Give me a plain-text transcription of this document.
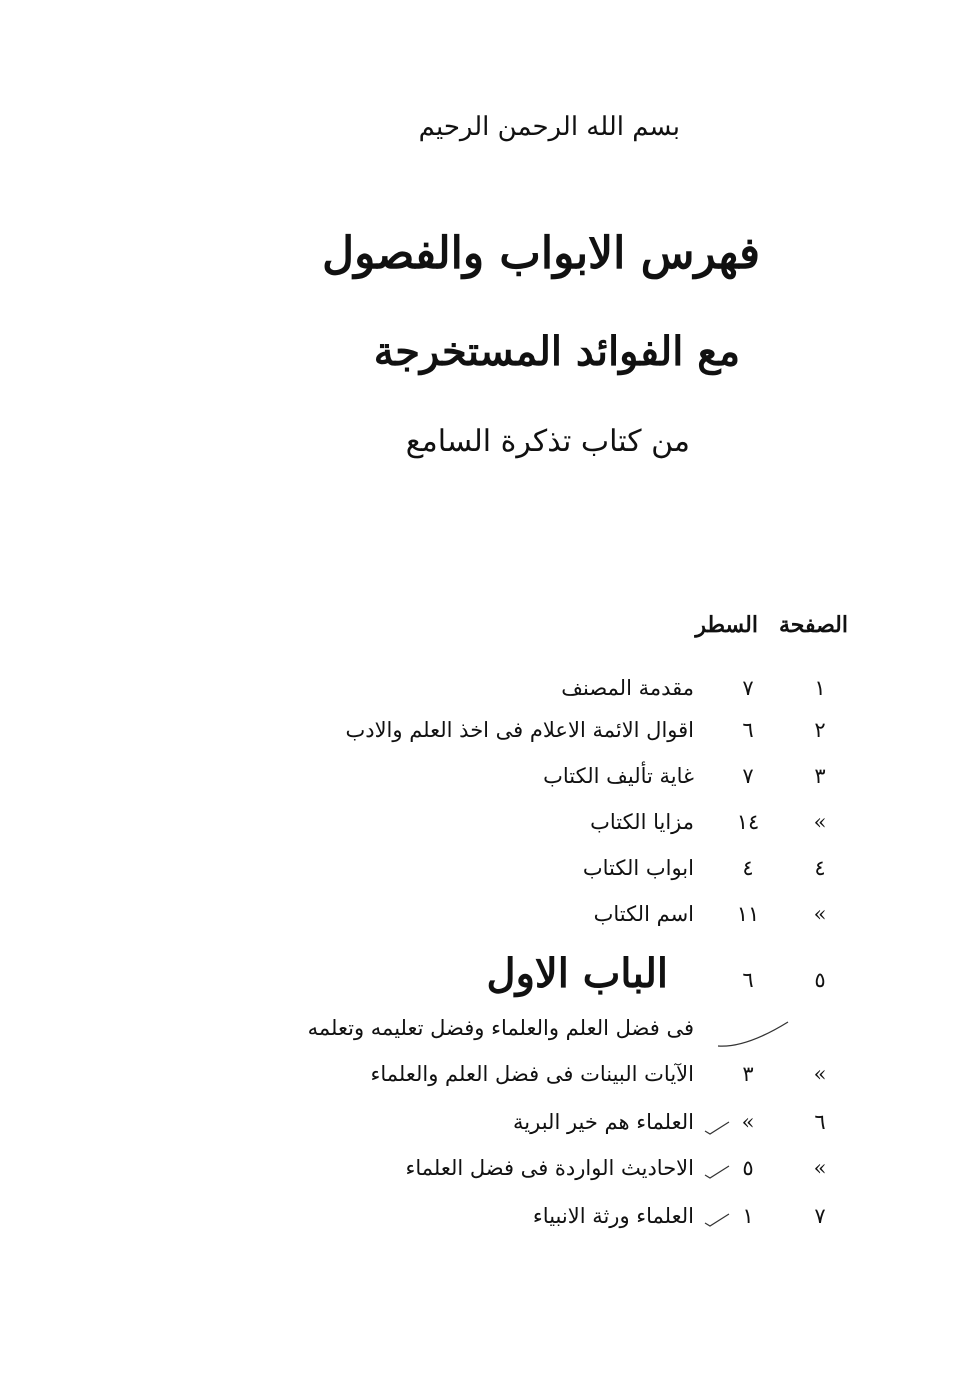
بسم الله الرحمن الرحيم
فهرس الابواب والفصول
مع الفوائد المستخرجة
من كتاب تذكرة السامع
الصفحة
السطر
١
٧
مقدمة المصنف
٢
٦
اقوال الائمة الاعلام فى اخذ العلم والادب
٣
٧
غاية تأليف الكتاب
»
١٤
مزايا الكتاب
٤
٤
ابواب الكتاب
»
١١
اسم الكتاب
٥
٦
الباب الاول
فى فضل العلم والعلماء وفضل تعليمه وتعلمه
»
٣
الآيات البينات فى فضل العلم والعلماء
٦
»
العلماء هم خير البرية
»
٥
الاحاديث الواردة فى فضل العلماء
٧
١
العلماء ورثة الانبياء
